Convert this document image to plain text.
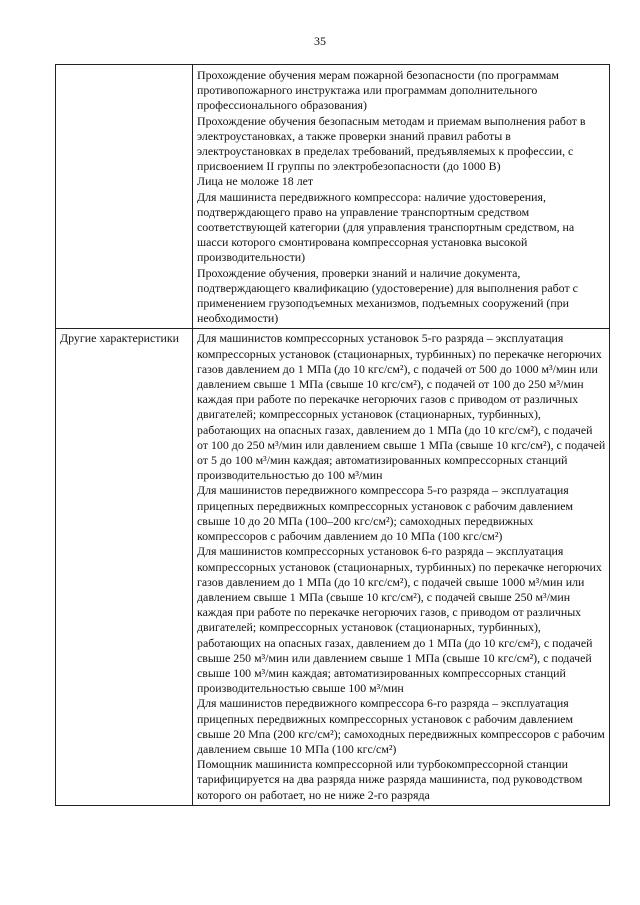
35

	Прохождение обучения мерам пожарной безопасности (по программам противопожарного инструктажа или программам дополнительного профессионального образования)

Прохождение обучения безопасным методам и приемам выполнения работ в электроустановках, а также проверки знаний правил работы в электроустановках в пределах требований, предъявляемых к профессии, с присвоением II группы по электробезопасности (до 1000 В)

Лица не моложе 18 лет

Для машиниста передвижного компрессора: наличие удостоверения, подтверждающего право на управление транспортным средством соответствующей категории (для управления транспортным средством, на шасси которого смонтирована компрессорная установка высокой производительности)

Прохождение обучения, проверки знаний и наличие документа, подтверждающего квалификацию (удостоверение) для выполнения работ с применением грузоподъемных механизмов, подъемных сооружений (при необходимости)

Другие характеристики	Для машинистов компрессорных установок 5-го разряда – эксплуатация компрессорных установок (стационарных, турбинных) по перекачке негорючих газов давлением до 1 МПа (до 10 кгс/см²), с подачей от 500 до 1000 м³/мин или давлением свыше 1 МПа (свыше 10 кгс/см²), с подачей от 100 до 250 м³/мин каждая при работе по перекачке негорючих газов с приводом от различных двигателей; компрессорных установок (стационарных, турбинных), работающих на опасных газах, давлением до 1 МПа (до 10 кгс/см²), с подачей от 100 до 250 м³/мин или давлением свыше 1 МПа (свыше 10 кгс/см²), с подачей от 5 до 100 м³/мин каждая; автоматизированных компрессорных станций производительностью до 100 м³/мин

Для машинистов передвижного компрессора 5-го разряда – эксплуатация прицепных передвижных компрессорных установок с рабочим давлением свыше 10 до 20 МПа (100–200 кгс/см²); самоходных передвижных компрессоров с рабочим давлением до 10 МПа (100 кгс/см²)

Для машинистов компрессорных установок 6-го разряда – эксплуатация компрессорных установок (стационарных, турбинных) по перекачке негорючих газов давлением до 1 МПа (до 10 кгс/см²), с подачей свыше 1000 м³/мин или давлением свыше 1 МПа (свыше 10 кгс/см²), с подачей свыше 250 м³/мин каждая при работе по перекачке негорючих газов, с приводом от различных двигателей; компрессорных установок (стационарных, турбинных), работающих на опасных газах, давлением до 1 МПа (до 10 кгс/см²), с подачей свыше 250 м³/мин или давлением свыше 1 МПа (свыше 10 кгс/см²), с подачей свыше 100 м³/мин каждая; автоматизированных компрессорных станций производительностью свыше 100 м³/мин

Для машинистов передвижного компрессора 6-го разряда – эксплуатация прицепных передвижных компрессорных установок с рабочим давлением свыше 20 Мпа (200 кгс/см²); самоходных передвижных компрессоров с рабочим давлением свыше 10 МПа (100 кгс/см²)

Помощник машиниста компрессорной или турбокомпрессорной станции тарифицируется на два разряда ниже разряда машиниста, под руководством которого он работает, но не ниже 2-го разряда
